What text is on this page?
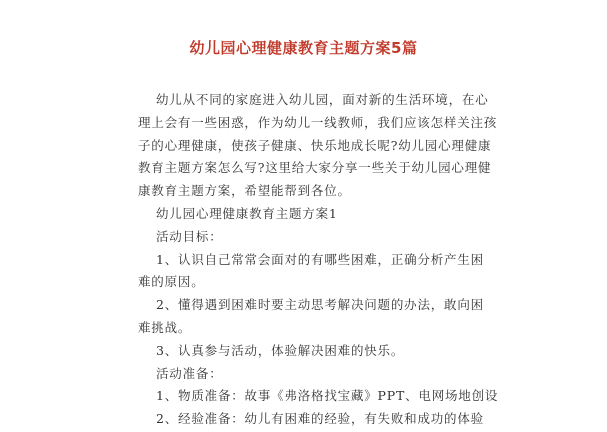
幼儿园心理健康教育主题方案5篇
幼儿从不同的家庭进入幼儿园，面对新的生活环境，在心
理上会有一些困惑，作为幼儿一线教师，我们应该怎样关注孩
子的心理健康，使孩子健康、快乐地成长呢?幼儿园心理健康
教育主题方案怎么写?这里给大家分享一些关于幼儿园心理健
康教育主题方案，希望能帮到各位。
幼儿园心理健康教育主题方案1
活动目标：
1、认识自己常常会面对的有哪些困难，正确分析产生困
难的原因。
2、懂得遇到困难时要主动思考解决问题的办法，敢向困
难挑战。
3、认真参与活动，体验解决困难的快乐。
活动准备：
1、物质准备：故事《弗洛格找宝藏》PPT、电网场地创设
2、经验准备：幼儿有困难的经验，有失败和成功的体验
